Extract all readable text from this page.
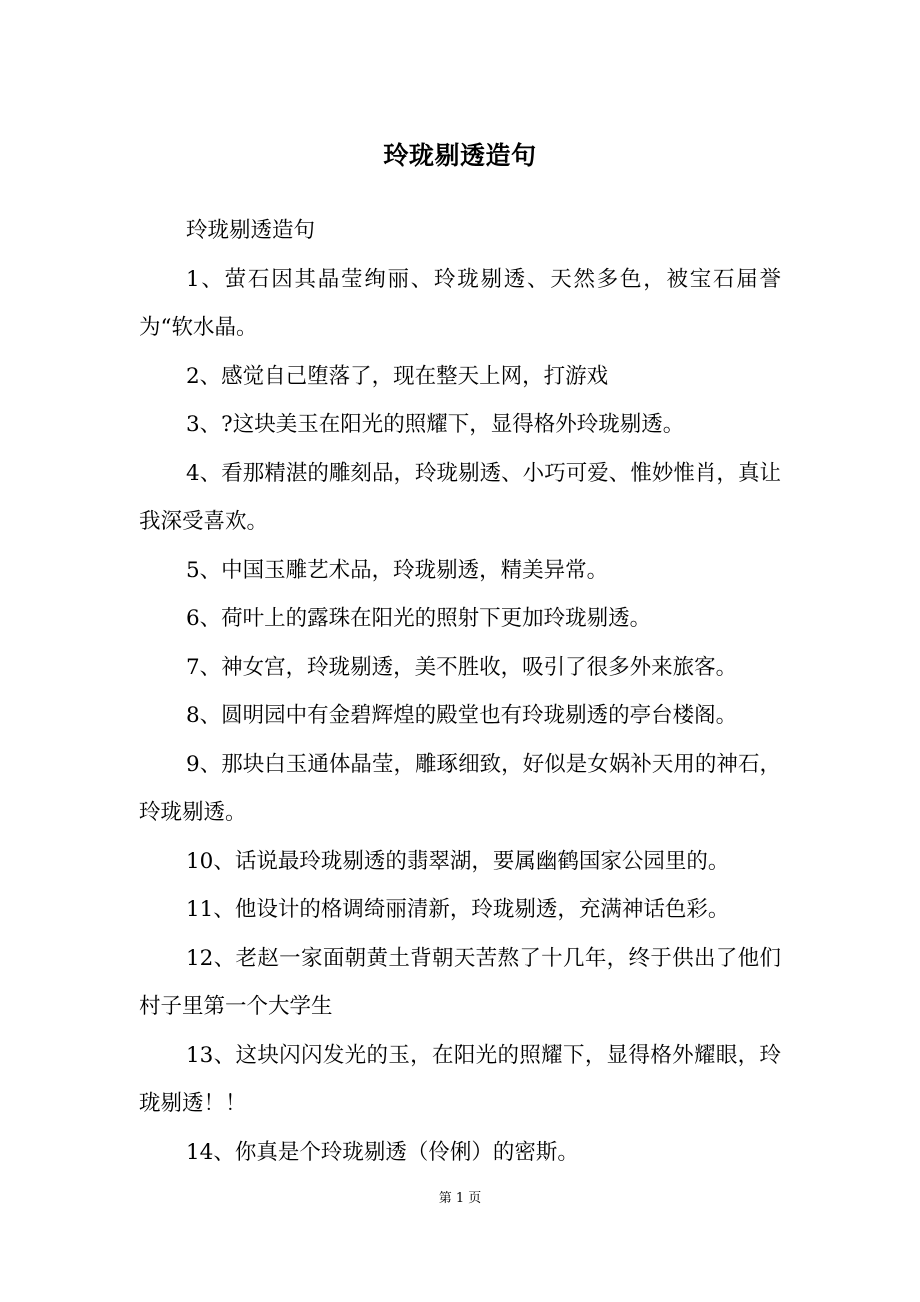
玲珑剔透造句

玲珑剔透造句

1、萤石因其晶莹绚丽、玲珑剔透、天然多色，被宝石届誉为“软水晶。

2、感觉自己堕落了，现在整天上网，打游戏

3、?这块美玉在阳光的照耀下，显得格外玲珑剔透。

4、看那精湛的雕刻品，玲珑剔透、小巧可爱、惟妙惟肖，真让我深受喜欢。

5、中国玉雕艺术品，玲珑剔透，精美异常。

6、荷叶上的露珠在阳光的照射下更加玲珑剔透。

7、神女宫，玲珑剔透，美不胜收，吸引了很多外来旅客。

8、圆明园中有金碧辉煌的殿堂也有玲珑剔透的亭台楼阁。

9、那块白玉通体晶莹，雕琢细致，好似是女娲补天用的神石，玲珑剔透。

10、话说最玲珑剔透的翡翠湖，要属幽鹤国家公园里的。

11、他设计的格调绮丽清新，玲珑剔透，充满神话色彩。

12、老赵一家面朝黄土背朝天苦熬了十几年，终于供出了他们村子里第一个大学生

13、这块闪闪发光的玉，在阳光的照耀下，显得格外耀眼，玲珑剔透！！

14、你真是个玲珑剔透（伶俐）的密斯。

第 1 页
